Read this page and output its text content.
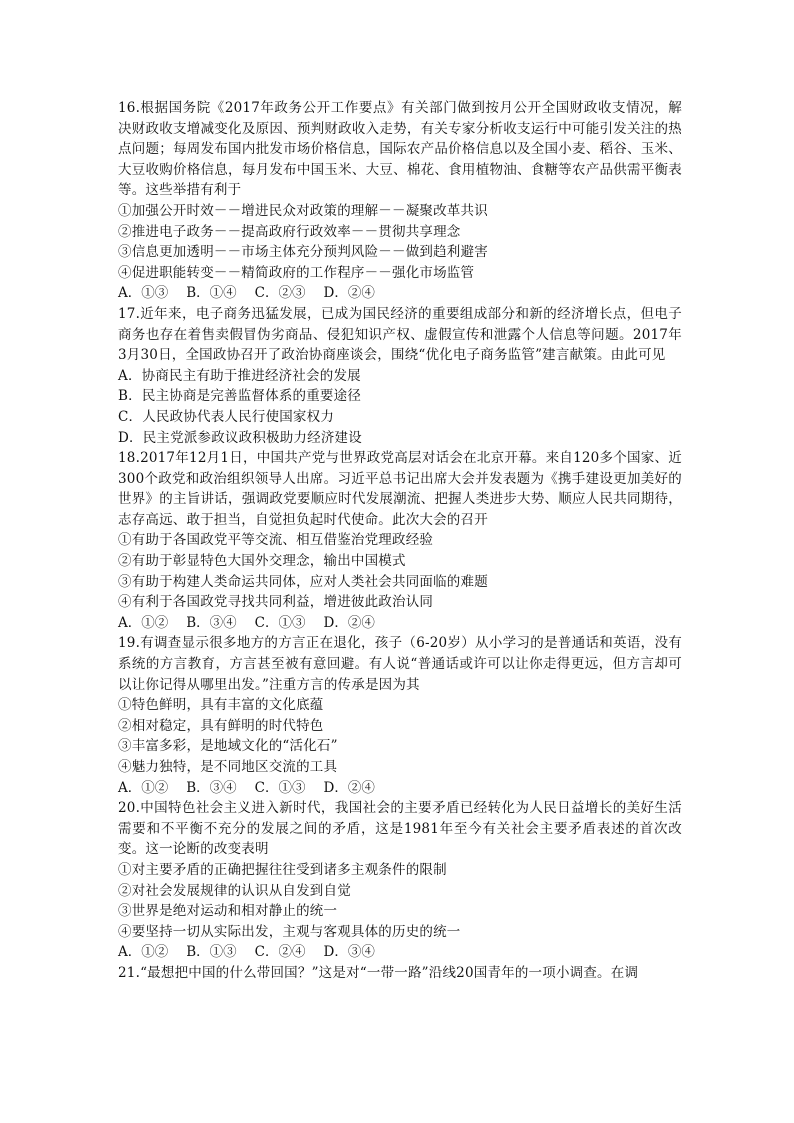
16.根据国务院《2017年政务公开工作要点》有关部门做到按月公开全国财政收支情况，解决财政收支增减变化及原因、预判财政收入走势，有关专家分析收支运行中可能引发关注的热点问题；每周发布国内批发市场价格信息，国际农产品价格信息以及全国小麦、稻谷、玉米、大豆收购价格信息，每月发布中国玉米、大豆、棉花、食用植物油、食糖等农产品供需平衡表等。这些举措有利于

①加强公开时效－－增进民众对政策的理解－－凝聚改革共识

②推进电子政务－－提高政府行政效率－－贯彻共享理念

③信息更加透明－－市场主体充分预判风险－－做到趋利避害

④促进职能转变－－精简政府的工作程序－－强化市场监管

A．①③ B．①④ C．②③ D．②④

17.近年来，电子商务迅猛发展，已成为国民经济的重要组成部分和新的经济增长点，但电子商务也存在着售卖假冒伪劣商品、侵犯知识产权、虚假宣传和泄露个人信息等问题。2017年3月30日，全国政协召开了政治协商座谈会，围绕“优化电子商务监管”建言献策。由此可见

A．协商民主有助于推进经济社会的发展

B．民主协商是完善监督体系的重要途径

C．人民政协代表人民行使国家权力

D．民主党派参政议政积极助力经济建设

18.2017年12月1日，中国共产党与世界政党高层对话会在北京开幕。来自120多个国家、近300个政党和政治组织领导人出席。习近平总书记出席大会并发表题为《携手建设更加美好的世界》的主旨讲话，强调政党要顺应时代发展潮流、把握人类进步大势、顺应人民共同期待，志存高远、敢于担当，自觉担负起时代使命。此次大会的召开

①有助于各国政党平等交流、相互借鉴治党理政经验

②有助于彰显特色大国外交理念，输出中国模式

③有助于构建人类命运共同体，应对人类社会共同面临的难题

④有利于各国政党寻找共同利益，增进彼此政治认同

A．①② B．③④ C．①③ D．②④

19.有调查显示很多地方的方言正在退化，孩子（6-20岁）从小学习的是普通话和英语，没有系统的方言教育，方言甚至被有意回避。有人说“普通话或许可以让你走得更远，但方言却可以让你记得从哪里出发。”注重方言的传承是因为其

①特色鲜明，具有丰富的文化底蕴

②相对稳定，具有鲜明的时代特色

③丰富多彩，是地域文化的“活化石”

④魅力独特，是不同地区交流的工具

A．①② B．③④ C．①③ D．②④

20.中国特色社会主义进入新时代，我国社会的主要矛盾已经转化为人民日益增长的美好生活需要和不平衡不充分的发展之间的矛盾，这是1981年至今有关社会主要矛盾表述的首次改变。这一论断的改变表明

①对主要矛盾的正确把握往往受到诸多主观条件的限制

②对社会发展规律的认识从自发到自觉

③世界是绝对运动和相对静止的统一

④要坚持一切从实际出发，主观与客观具体的历史的统一

A．①② B．①③ C．②④ D．③④

21.“最想把中国的什么带回国？”这是对“一带一路”沿线20国青年的一项小调查。在调
